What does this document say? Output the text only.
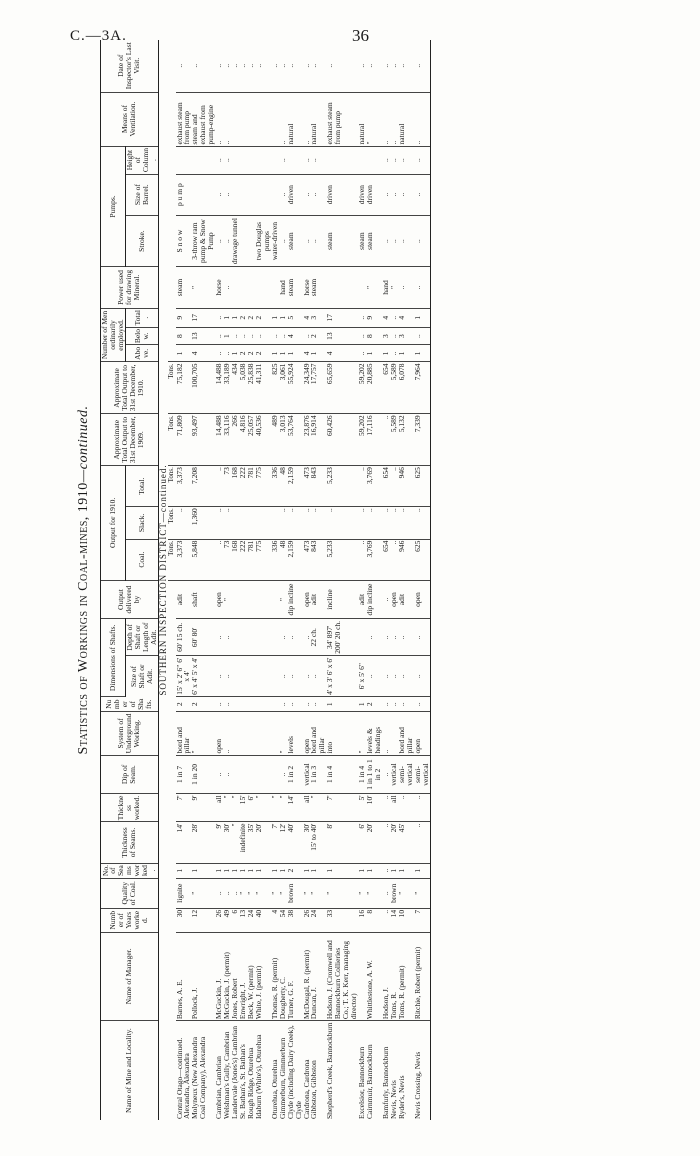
C.—3A.	36
Statistics of Workings in Coal-mines, 1910—continued.
Name of Mine and Locality.	Name of Manager.	Number of Years worked.	Quality of Coal.	No. of Seams worked.	Thickness of Seams.	Thickness worked.	Dip of Seam.	System of Underground Working.	Number of Shafts.	Dimensions of Shafts.		Output delivered by	Output for 1910.			Approximate Total Output to 31st December, 1909.	Approximate Total Output to 31st December, 1910.	Number of Men ordinarily employed.			Power used for drawing Mineral.	Pumps.			Means of Ventilation.	Date of Inspector's Last Visit.
										Size of Shaft or Adit.	Depth of Shaft or Length of Adit.		Coal.	Slack.	Total.			Above.	Below.	Total.		Stroke.	Size of Barrel.	Height of Column.		
SOUTHERN INSPECTION DISTRICT—continued.																										
													Tons.	Tons.	Tons.	Tons.	Tons.									
Central Otago—continued. Alexandra, Alexandra	Barnes, A. E.	30	lignite	1	14'	7'	1 in 7	bord and pillar	2	15' x 2' 6" 6' x 4'	60' 15 ch.	adit	3,373	..	3,373	71,809	75,182	1	8	9	steam	S n o w	p u m p		exhaust steam from pump	..
Molyneux (New Alexandra Coal Company), Alexandra	Pollock, J.	12	"	1	28'	9'	1 in 20	"	2	6' x 4' 5' x 4'	60' 80'	shaft	5,848	1,360	7,208	93,497	100,705	4	13	17	"	3-throw ram pump & Snow Pump			steam and exhaust from pump-engine	..
Cambrian, Cambrian	McGuckin, J.	26	..	1	9'	all	..	open	..	..	..	open	..	..	..	14,488	14,488	..	..	..	horse	..	..	..	..	..
Welshman's Gully, Cambrian	McGuckin, J. (permit)	49	..	1	30'	"	..	..	..	..	..	"	73	..	73	33,116	33,189	..	1	1	..	..	..	..	..	..
Landervale (Jones's) Cambrian	Jones, Robert	6	..	1	"	"							168		168	266	434	1	..	1		drawage tunnel				..
St. Bathan's, St. Bathan's	Enwright, J.	13	"	1	indefinite	15'							222		222	4,816	5,038	2	..	2						..
Rough Ridge, Oturehua	Beck, W. (permit)	24	"	1	35'	6'							781		781	25,057	25,838	2	..	2						..
Idaburn (White's), Oturehua	White, J. (permit)	40	"	1	20'	"							775		775	40,536	41,311	2	..	2		two Douglas pumps				..
Oturehua, Oturehua	Thomas, R. (permit)	4	"	1	7'	"							336		336	489	825	1	..	1		water-driven				..
Gimmerburn, Gimmerburn	Dougherty, C.	54	"	1	12'	"	..	"	..	..	..	"	48	..	48	3,013	3,061	1	..	1	hand	..	..	..	..	..
Clyde (including Dairy Creek), Clyde	Turner, G. F.	38	brown	2	40'	14'	1 in 2	levels	..	..	..	dip incline	2,159	..	2,159	53,764	55,924	1	4	5	steam	steam	driven		natural	..
Cardrona, Cardrona	McDougal, R. (permit)	26	"	1	30'	all	vertical	open	..	..	..	open	473	..	473	23,876	24,349	4	..	4	horse	..	..	..	..	..
Gibbston, Gibbston	Duncan, J.	24	"	1	15' to 40'	"	1 in 3	bord and pillar	..	..	22 ch.	adit	843	..	843	16,914	17,757	1	2	3	steam	..	..	..	natural	..
Shepherd's Creek, Bannockburn	Hodson, J. (Cromwell and Bannockburn Collieries Co.; T. K. Kerr, managing director)	33	"	1	8'	7'	1 in 4	into	1	4' x 3' 6' x 6'	34' 897' 200' 20 ch.	incline	5,233	..	5,233	60,426	65,659	4	13	17		steam	driven		exhaust steam from pump	..
Excelsior, Bannockburn		16	"	1	6'	5'	1 in 4	"	1	6' x 5' 6"		adit	..	..	..	59,202	59,202	..	..	..		steam	driven		natural	..
Cairnmuir, Bannockburn	Whittlestone, A. W.	8	"	1	20'	10'	1 in 1 to 1 in 2	levels & headings	2	..	..	dip incline	3,769	..	3,769	17,116	20,885	1	8	9	"	steam	driven		"	..
Bamfurly, Bannockburn	Hodson, J.	..	..	..	..	..	..	..	..	..	..	..	654	..	654	..	654	1	3	4	hand	..	..	..	..	..
Nevis, Nevis	Toms, R.	14	brown	1	20'	all	vertical		..	..	..	open	..	..	..	5,589	5,589	..	..	..	"	..	..	..	..	..
Ryder's, Nevis	Toms, R. (permit)	10	"	1	45'	..	semi-vertical	bord and pillar	..	..	..	adit	946	..	946	5,132	6,078	1	3	4	..	..	..	..	natural	..
Nevis Crossing, Nevis	Ritchie, Robert (permit)	7	"	1	..	..	semi-vertical	open	..	..	..	open	625	..	625	7,339	7,964	1	..	1	..	..	..	..	..	..
